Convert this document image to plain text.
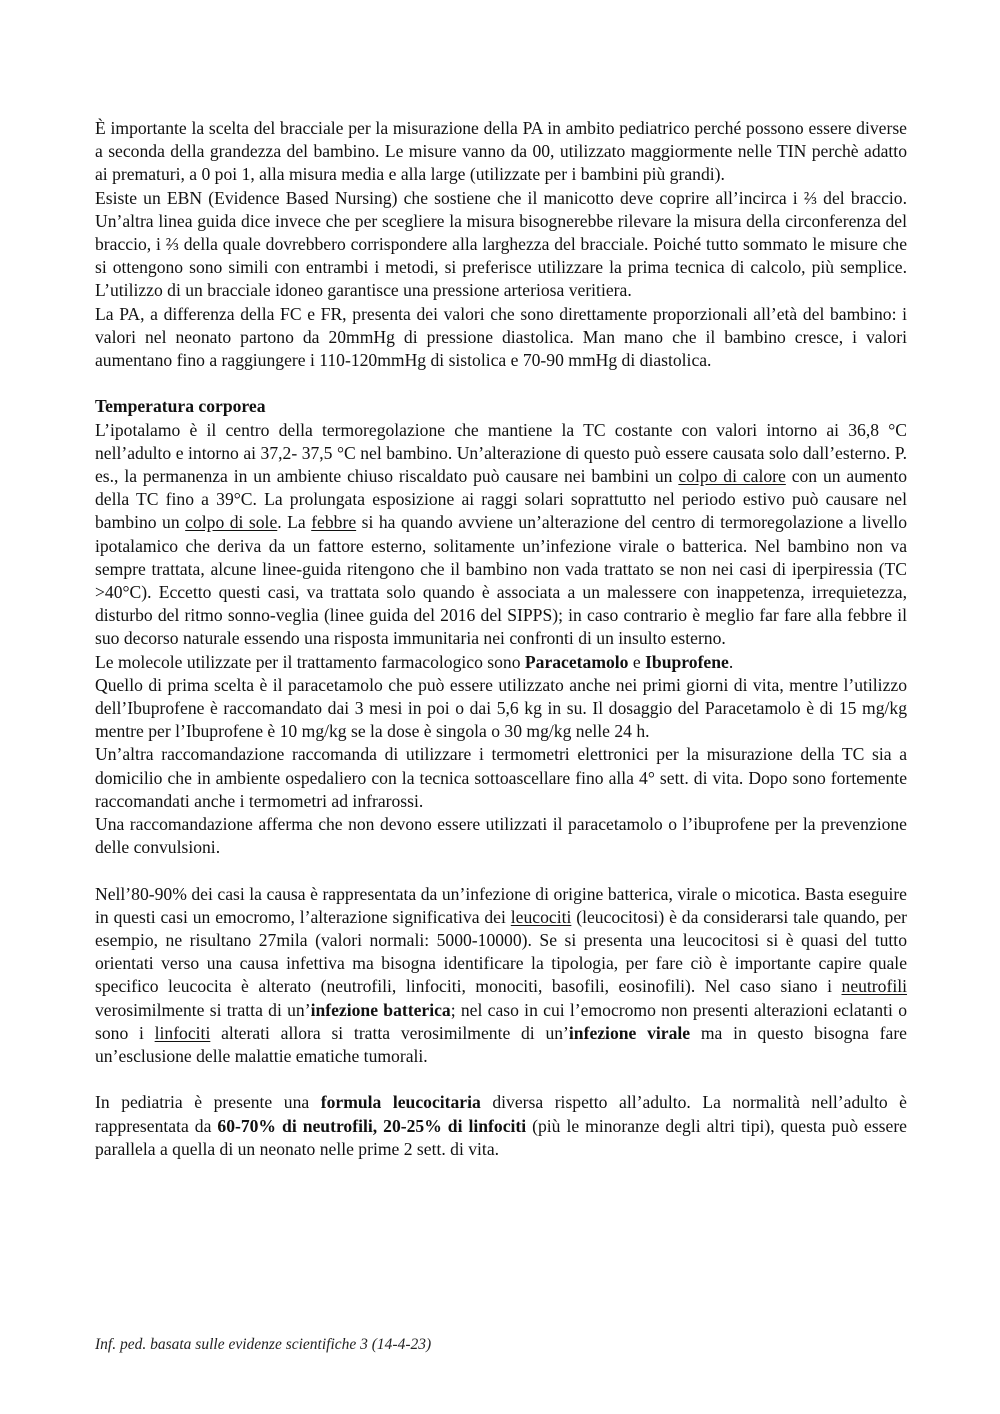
È importante la scelta del bracciale per la misurazione della PA in ambito pediatrico perché possono essere diverse a seconda della grandezza del bambino. Le misure vanno da 00, utilizzato maggiormente nelle TIN perchè adatto ai prematuri, a 0 poi 1, alla misura media e alla large (utilizzate per i bambini più grandi).

Esiste un EBN (Evidence Based Nursing) che sostiene che il manicotto deve coprire all’incirca i ⅔ del braccio. Un’altra linea guida dice invece che per scegliere la misura bisognerebbe rilevare la misura della circonferenza del braccio, i ⅔ della quale dovrebbero corrispondere alla larghezza del bracciale. Poiché tutto sommato le misure che si ottengono sono simili con entrambi i metodi, si preferisce utilizzare la prima tecnica di calcolo, più semplice. L’utilizzo di un bracciale idoneo garantisce una pressione arteriosa veritiera.

La PA, a differenza della FC e FR, presenta dei valori che sono direttamente proporzionali all’età del bambino: i valori nel neonato partono da 20mmHg di pressione diastolica. Man mano che il bambino cresce, i valori aumentano fino a raggiungere i 110-120mmHg di sistolica e 70-90 mmHg di diastolica.

Temperatura corporea

L’ipotalamo è il centro della termoregolazione che mantiene la TC costante con valori intorno ai 36,8 °C nell’adulto e intorno ai 37,2- 37,5 °C nel bambino. Un’alterazione di questo può essere causata solo dall’esterno. P. es., la permanenza in un ambiente chiuso riscaldato può causare nei bambini un colpo di calore con un aumento della TC fino a 39°C. La prolungata esposizione ai raggi solari soprattutto nel periodo estivo può causare nel bambino un colpo di sole. La febbre si ha quando avviene un’alterazione del centro di termoregolazione a livello ipotalamico che deriva da un fattore esterno, solitamente un’infezione virale o batterica. Nel bambino non va sempre trattata, alcune linee-guida ritengono che il bambino non vada trattato se non nei casi di iperpiressia (TC >40°C). Eccetto questi casi, va trattata solo quando è associata a un malessere con inappetenza, irrequietezza, disturbo del ritmo sonno-veglia (linee guida del 2016 del SIPPS); in caso contrario è meglio far fare alla febbre il suo decorso naturale essendo una risposta immunitaria nei confronti di un insulto esterno.

Le molecole utilizzate per il trattamento farmacologico sono Paracetamolo e Ibuprofene.

Quello di prima scelta è il paracetamolo che può essere utilizzato anche nei primi giorni di vita, mentre l’utilizzo dell’Ibuprofene è raccomandato dai 3 mesi in poi o dai 5,6 kg in su. Il dosaggio del Paracetamolo è di 15 mg/kg mentre per l’Ibuprofene è 10 mg/kg se la dose è singola o 30 mg/kg nelle 24 h.

Un’altra raccomandazione raccomanda di utilizzare i termometri elettronici per la misurazione della TC sia a domicilio che in ambiente ospedaliero con la tecnica sottoascellare fino alla 4° sett. di vita. Dopo sono fortemente raccomandati anche i termometri ad infrarossi.

Una raccomandazione afferma che non devono essere utilizzati il paracetamolo o l’ibuprofene per la prevenzione delle convulsioni.

Nell’80-90% dei casi la causa è rappresentata da un’infezione di origine batterica, virale o micotica. Basta eseguire in questi casi un emocromo, l’alterazione significativa dei leucociti (leucocitosi) è da considerarsi tale quando, per esempio, ne risultano 27mila (valori normali: 5000-10000). Se si presenta una leucocitosi si è quasi del tutto orientati verso una causa infettiva ma bisogna identificare la tipologia, per fare ciò è importante capire quale specifico leucocita è alterato (neutrofili, linfociti, monociti, basofili, eosinofili). Nel caso siano i neutrofili verosimilmente si tratta di un’infezione batterica; nel caso in cui l’emocromo non presenti alterazioni eclatanti o sono i linfociti alterati allora si tratta verosimilmente di un’infezione virale ma in questo bisogna fare un’esclusione delle malattie ematiche tumorali.

In pediatria è presente una formula leucocitaria diversa rispetto all’adulto. La normalità nell’adulto è rappresentata da 60-70% di neutrofili, 20-25% di linfociti (più le minoranze degli altri tipi), questa può essere parallela a quella di un neonato nelle prime 2 sett. di vita.

Inf. ped. basata sulle evidenze scientifiche 3 (14-4-23)
